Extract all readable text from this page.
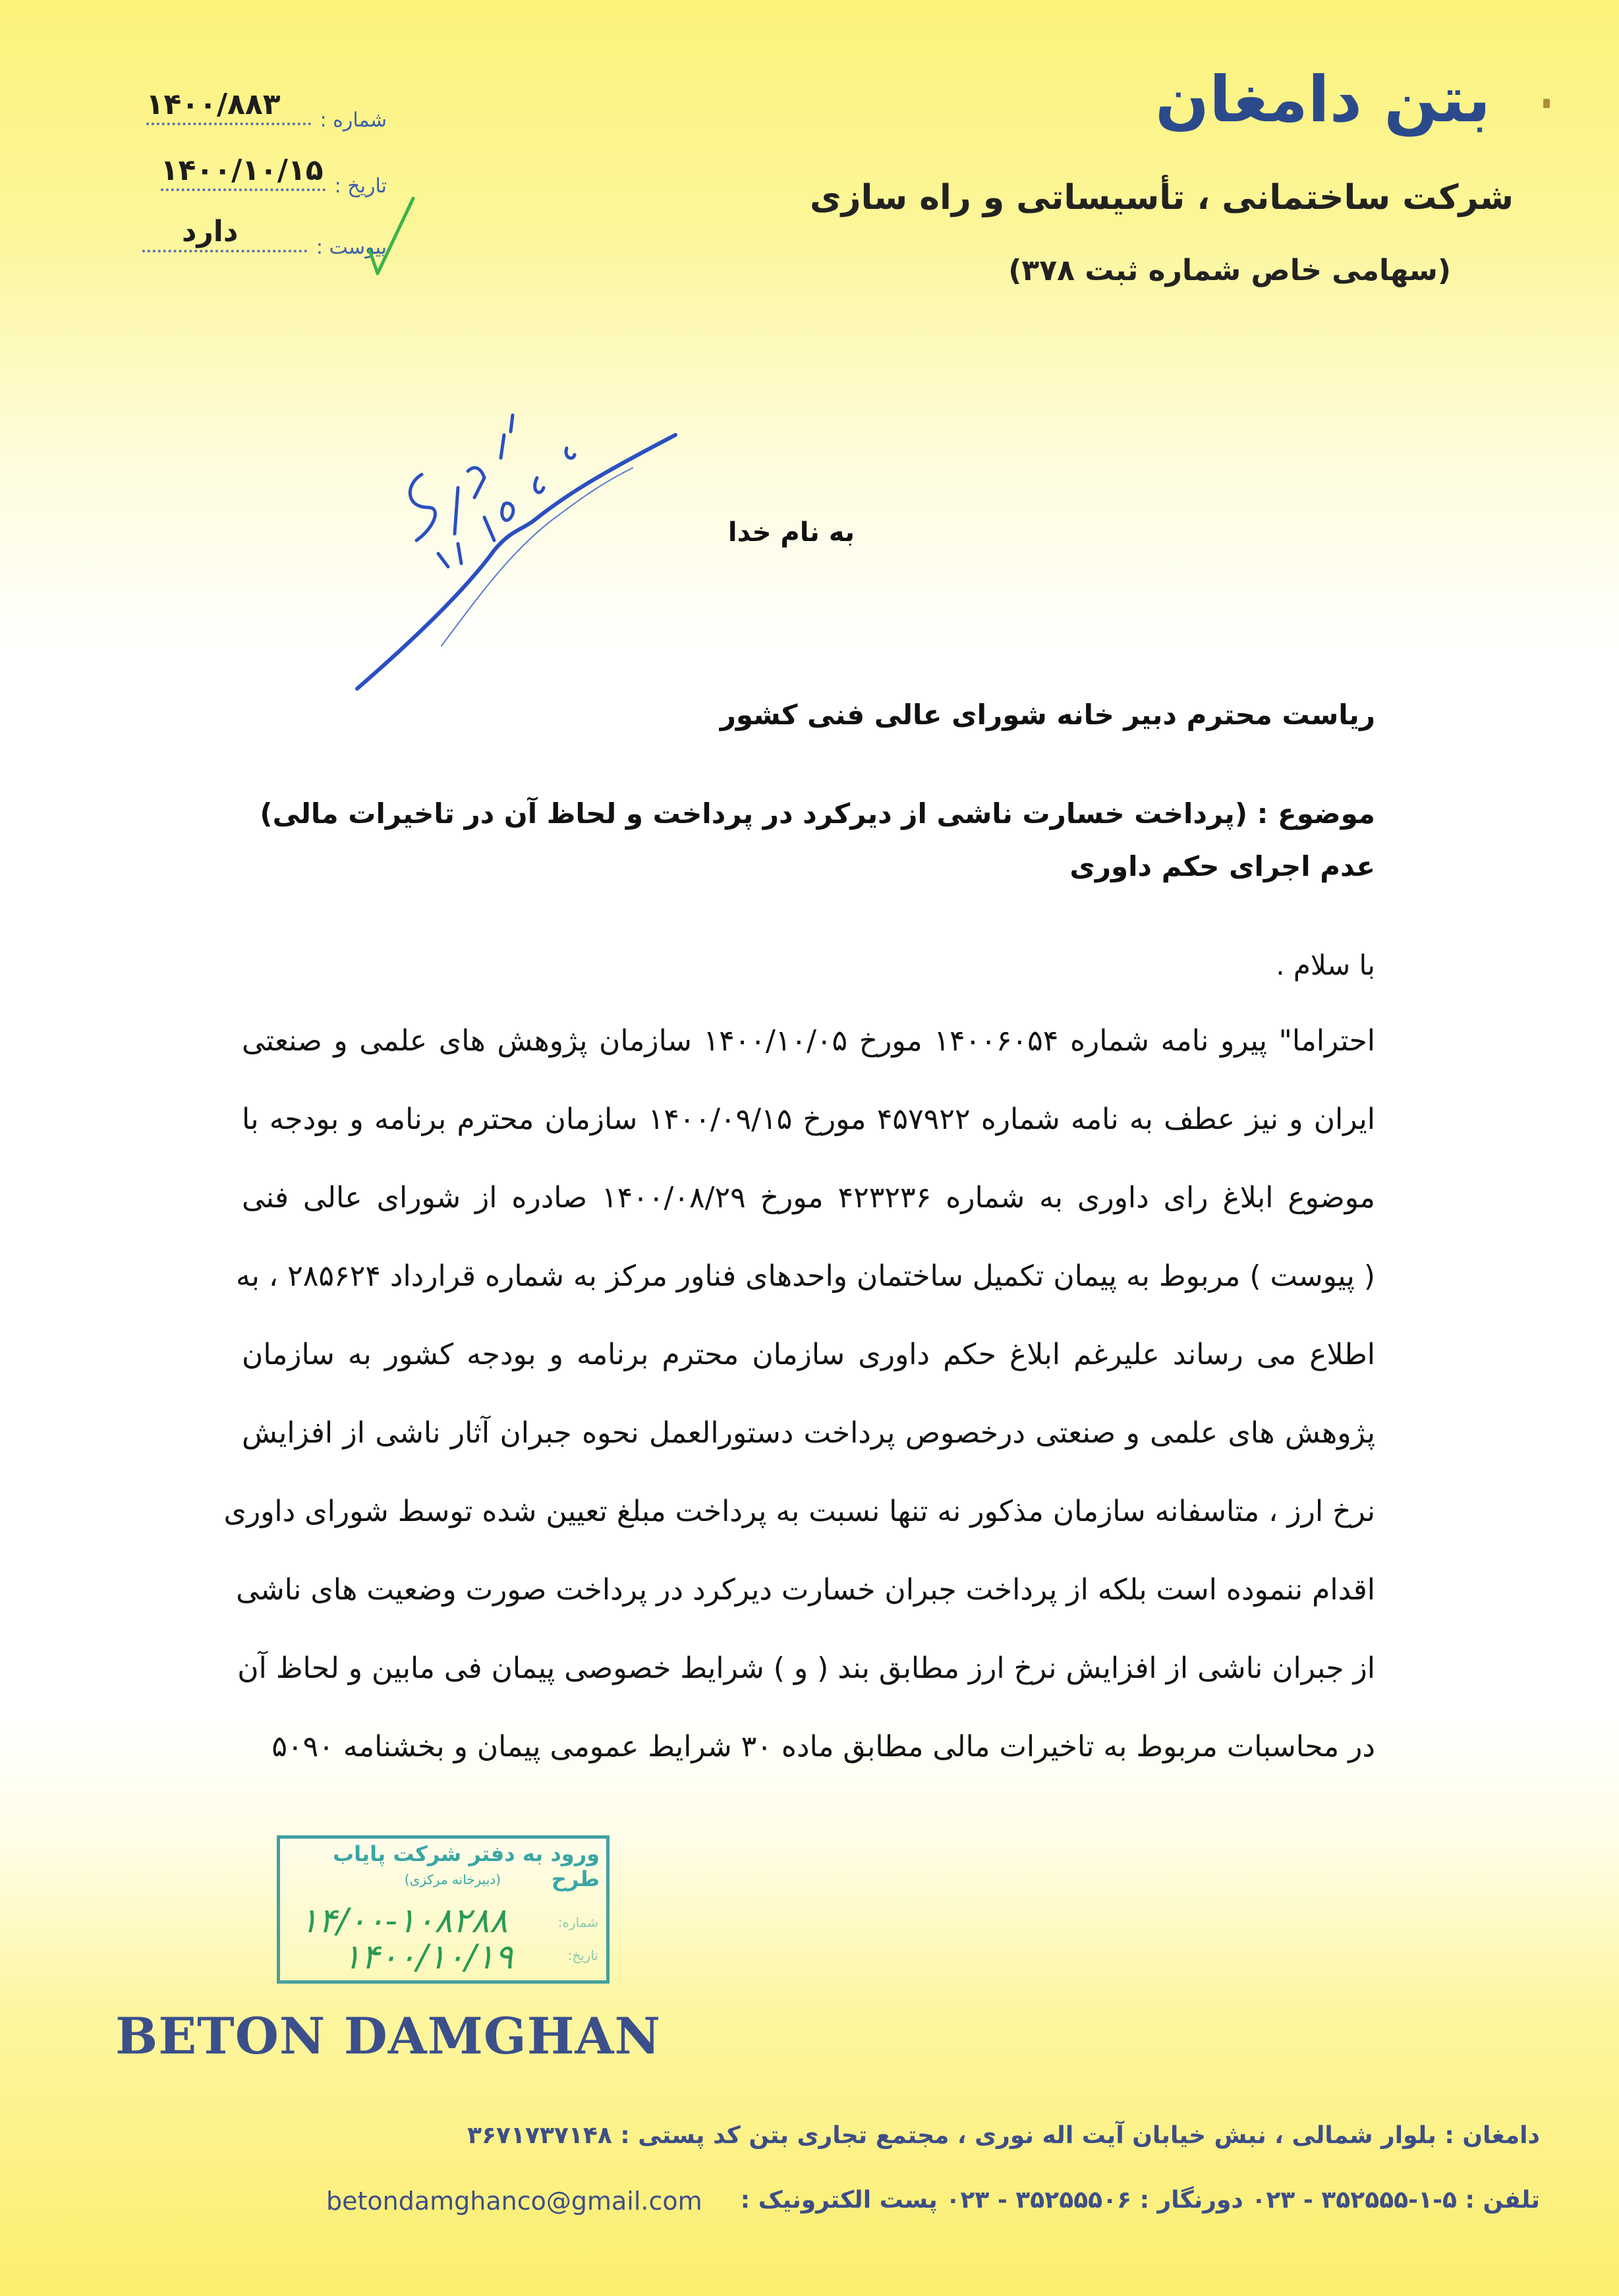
بتن دامغان
شرکت ساختمانی ، تأسیساتی و راه سازی
(سهامی خاص شماره ثبت ۳۷۸)
شماره :
۱۴۰۰/۸۸۳
تاریخ :
۱۴۰۰/۱۰/۱۵
پیوست :
دارد
به نام خدا
ریاست محترم دبیر خانه شورای عالی فنی کشور
موضوع : (پرداخت خسارت ناشی از دیرکرد در پرداخت و لحاظ آن در تاخیرات مالی) عدم اجرای حکم داوری
با سلام .
احتراما" پیرو نامه شماره ۱۴۰۰۶۰۵۴ مورخ ۱۴۰۰/۱۰/۰۵ سازمان پژوهش های علمی و صنعتی
ایران و نیز عطف به نامه شماره ۴۵۷۹۲۲ مورخ ۱۴۰۰/۰۹/۱۵ سازمان محترم برنامه و بودجه با
موضوع ابلاغ رای داوری به شماره ۴۲۳۲۳۶ مورخ ۱۴۰۰/۰۸/۲۹ صادره از شورای عالی فنی
( پیوست ) مربوط به پیمان تکمیل ساختمان واحدهای فناور مرکز به شماره قرارداد ۲۸۵۶۲۴ ، به
اطلاع می رساند علیرغم ابلاغ حکم داوری سازمان محترم برنامه و بودجه کشور به سازمان
پژوهش های علمی و صنعتی درخصوص پرداخت دستورالعمل نحوه جبران آثار ناشی از افزایش
نرخ ارز ، متاسفانه سازمان مذکور نه تنها نسبت به پرداخت مبلغ تعیین شده توسط شورای داوری
اقدام ننموده است بلکه از پرداخت جبران خسارت دیرکرد در پرداخت صورت وضعیت های ناشی
از جبران ناشی از افزایش نرخ ارز مطابق بند ( و ) شرایط خصوصی پیمان فی مابین و لحاظ آن
در محاسبات مربوط به تاخیرات مالی مطابق ماده ۳۰ شرایط عمومی پیمان و بخشنامه ۵۰۹۰
ورود به دفتر شرکت پایاب طرح
(دبیرخانه مرکزی)
شماره:
تاریخ:
۱۴/۰۰-۱۰۸۲۸۸
۱۴۰۰/۱۰/۱۹
BETON DAMGHAN
دامغان : بلوار شمالی ، نبش خیابان آیت اله نوری ، مجتمع تجاری بتن کد پستی : ۳۶۷۱۷۳۷۱۴۸
تلفن : ۵-۱-۳۵۲۵۵۵ - ۰۲۳ دورنگار : ۳۵۲۵۵۵۰۶ - ۰۲۳ پست الکترونیک :
betondamghanco@gmail.com
